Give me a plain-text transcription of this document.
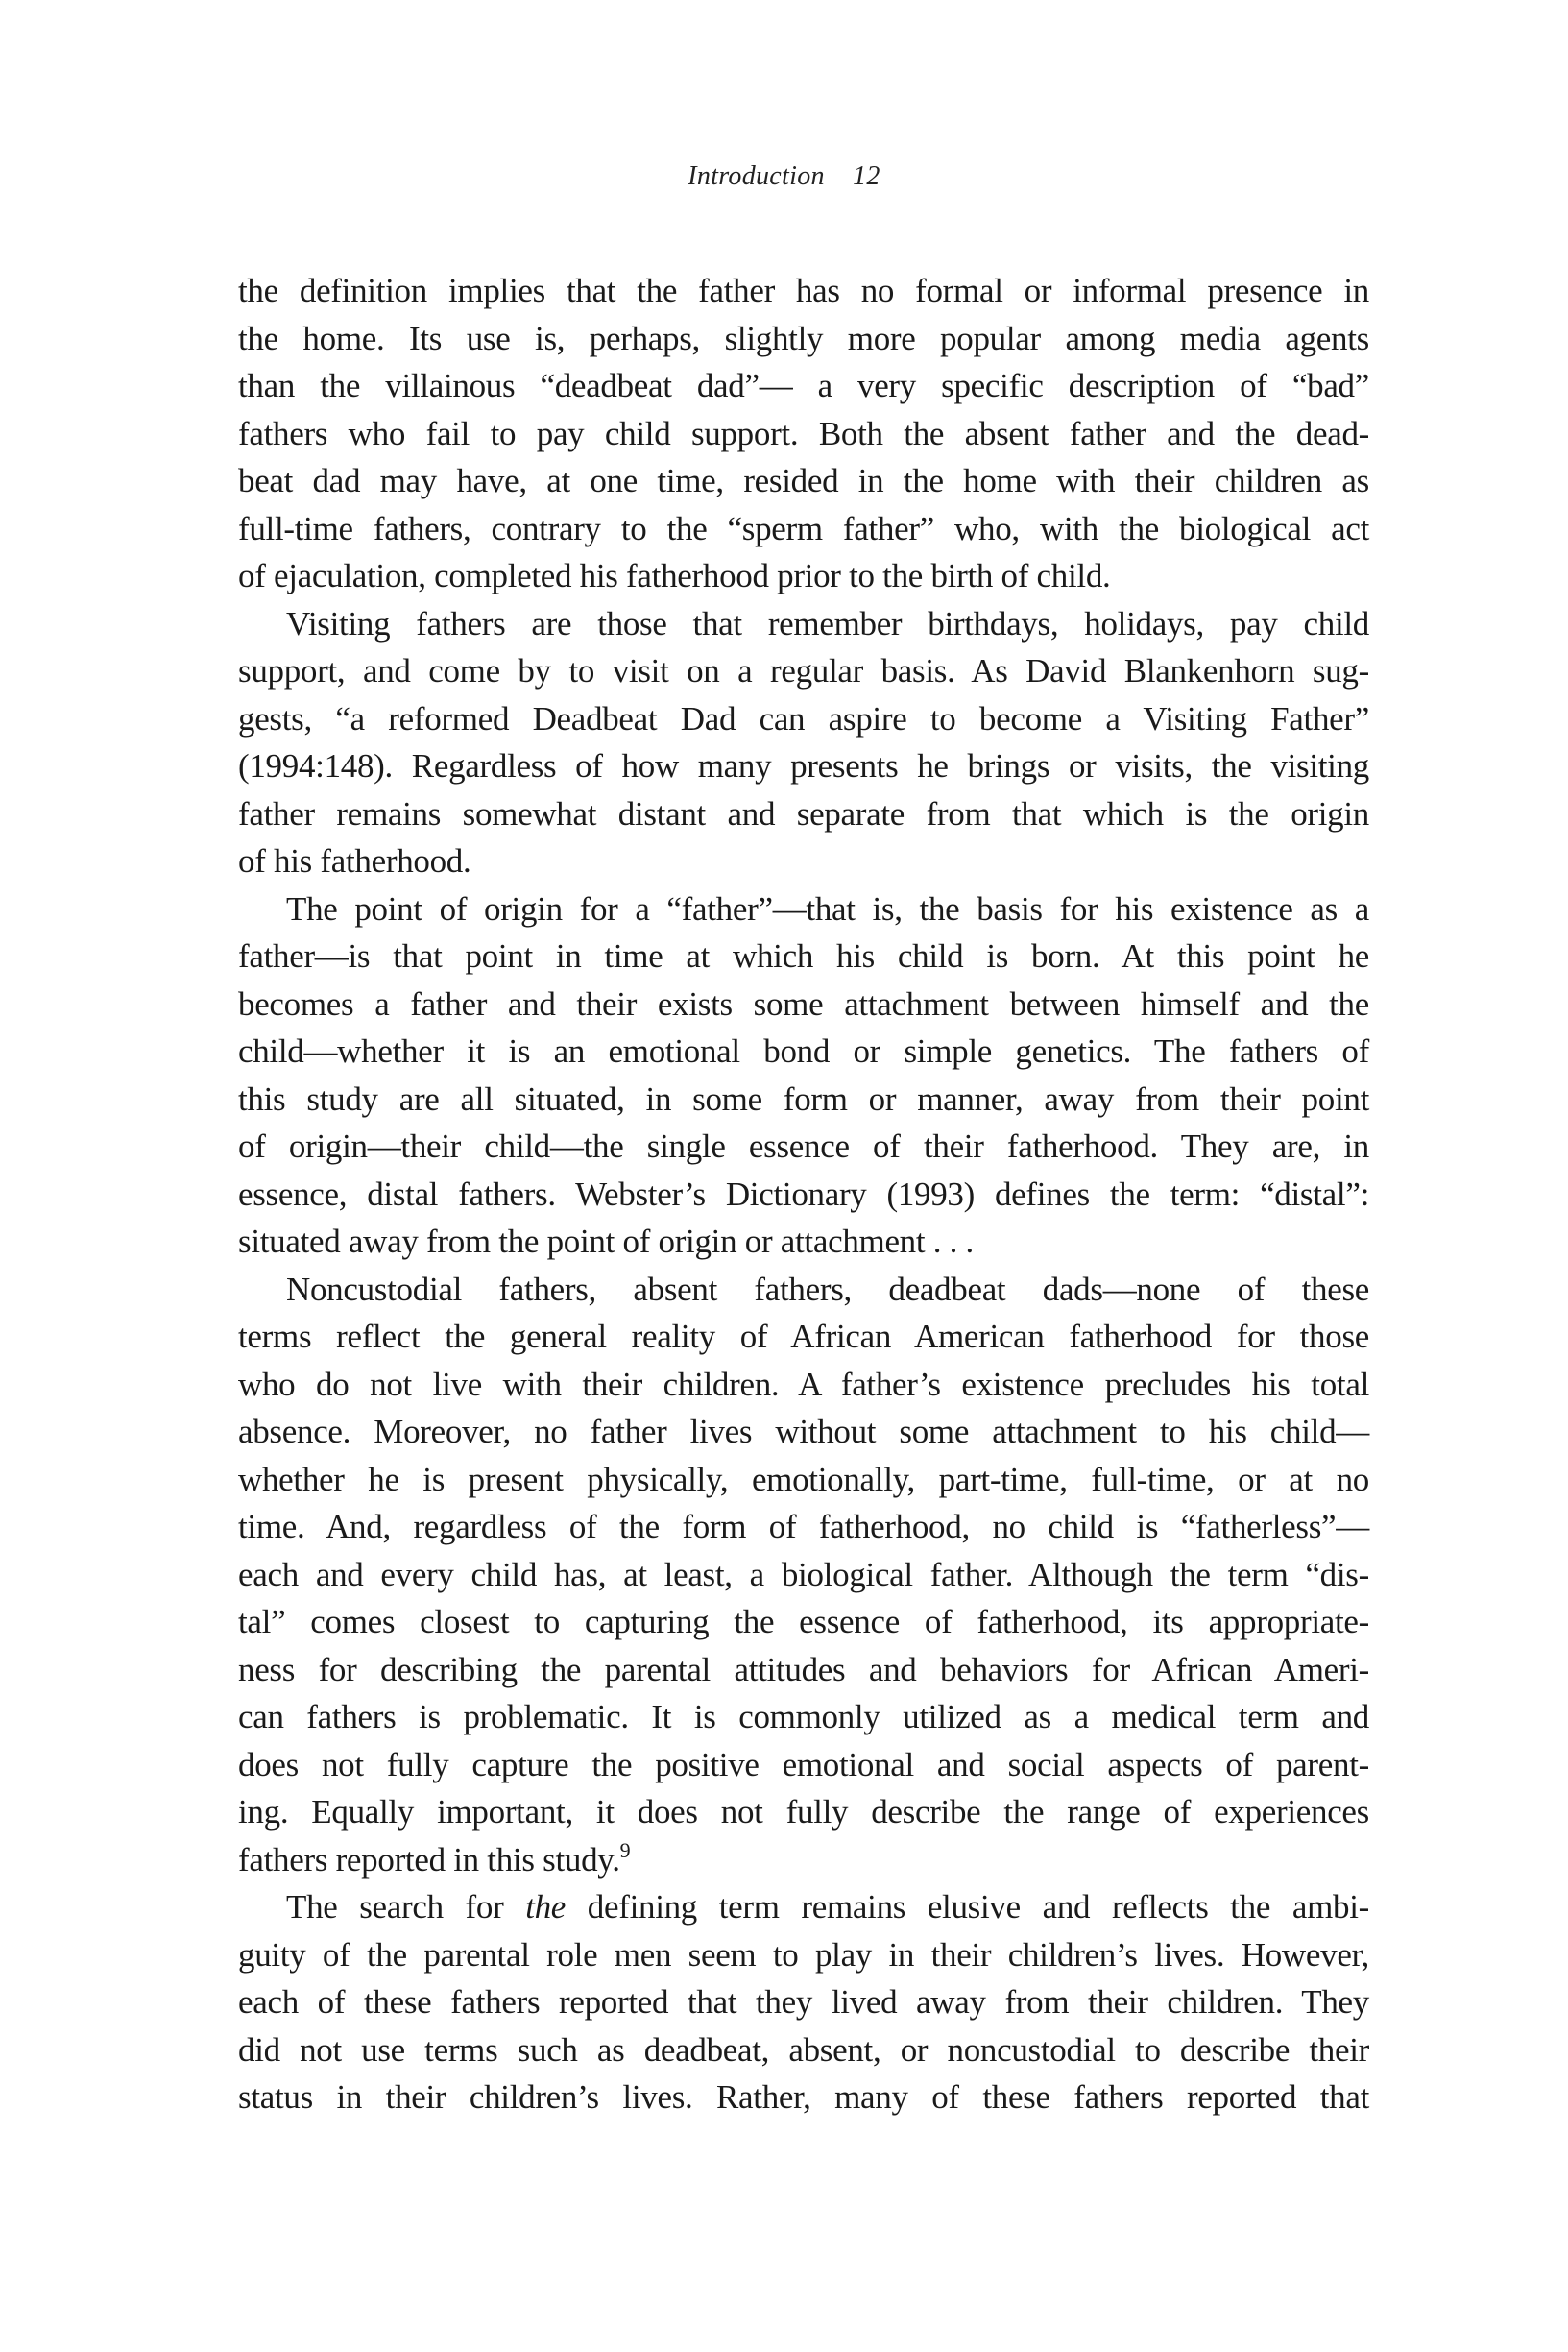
Introduction 12
the definition implies that the father has no formal or informal presence in
the home. Its use is, perhaps, slightly more popular among media agents
than the villainous “deadbeat dad”— a very specific description of “bad”
fathers who fail to pay child support. Both the absent father and the dead-
beat dad may have, at one time, resided in the home with their children as
full-time fathers, contrary to the “sperm father” who, with the biological act
of ejaculation, completed his fatherhood prior to the birth of child.
Visiting fathers are those that remember birthdays, holidays, pay child
support, and come by to visit on a regular basis. As David Blankenhorn sug-
gests, “a reformed Deadbeat Dad can aspire to become a Visiting Father”
(1994:148). Regardless of how many presents he brings or visits, the visiting
father remains somewhat distant and separate from that which is the origin
of his fatherhood.
The point of origin for a “father”—that is, the basis for his existence as a
father—is that point in time at which his child is born. At this point he
becomes a father and their exists some attachment between himself and the
child—whether it is an emotional bond or simple genetics. The fathers of
this study are all situated, in some form or manner, away from their point
of origin—their child—the single essence of their fatherhood. They are, in
essence, distal fathers. Webster’s Dictionary (1993) defines the term: “distal”:
situated away from the point of origin or attachment . . .
Noncustodial fathers, absent fathers, deadbeat dads—none of these
terms reflect the general reality of African American fatherhood for those
who do not live with their children. A father’s existence precludes his total
absence. Moreover, no father lives without some attachment to his child—
whether he is present physically, emotionally, part-time, full-time, or at no
time. And, regardless of the form of fatherhood, no child is “fatherless”—
each and every child has, at least, a biological father. Although the term “dis-
tal” comes closest to capturing the essence of fatherhood, its appropriate-
ness for describing the parental attitudes and behaviors for African Ameri-
can fathers is problematic. It is commonly utilized as a medical term and
does not fully capture the positive emotional and social aspects of parent-
ing. Equally important, it does not fully describe the range of experiences
fathers reported in this study.$^9$
The search for the defining term remains elusive and reflects the ambi-
guity of the parental role men seem to play in their children’s lives. However,
each of these fathers reported that they lived away from their children. They
did not use terms such as deadbeat, absent, or noncustodial to describe their
status in their children’s lives. Rather, many of these fathers reported that
